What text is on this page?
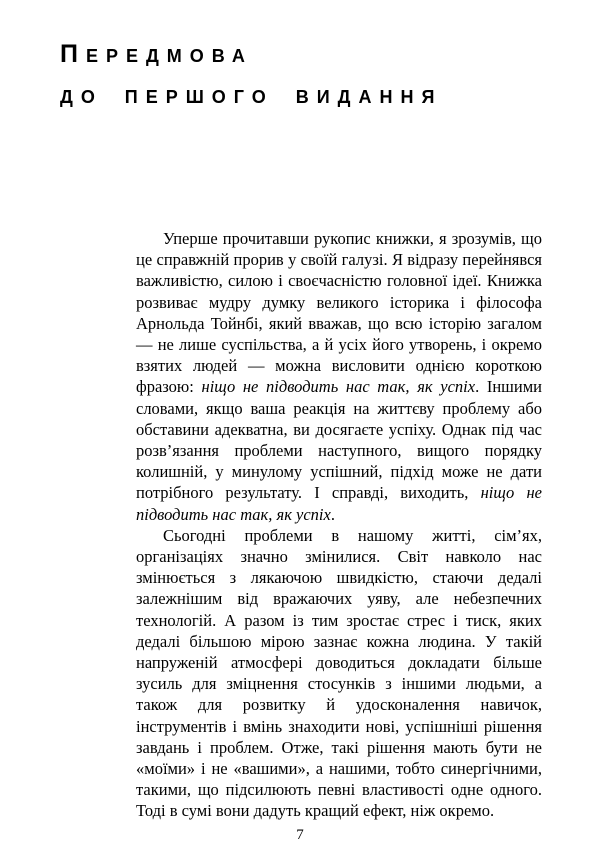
Передмова
до першого видання

Уперше прочитавши рукопис книжки, я зрозумів, що це справжній прорив у своїй галузі. Я відразу перейнявся важливістю, силою і своєчасністю головної ідеї. Книжка розвиває мудру думку великого історика і філософа Арнольда Тойнбі, який вважав, що всю історію загалом — не лише суспільства, а й усіх його утворень, і окремо взятих людей — можна висловити однією короткою фразою: ніщо не підводить нас так, як успіх. Іншими словами, якщо ваша реакція на життєву проблему або обставини адекватна, ви досягаєте успіху. Однак під час розв’язання проблеми наступного, вищого порядку колишній, у минулому успішний, підхід може не дати потрібного результату. І справді, виходить, ніщо не підводить нас так, як успіх.

Сьогодні проблеми в нашому житті, сім’ях, організаціях значно змінилися. Світ навколо нас змінюється з лякаючою швидкістю, стаючи дедалі залежнішим від вражаючих уяву, але небезпечних технологій. А разом із тим зростає стрес і тиск, яких дедалі більшою мірою зазнає кожна людина. У такій напруженій атмосфері доводиться докладати більше зусиль для зміцнення стосунків з іншими людьми, а також для розвитку й удосконалення навичок, інструментів і вмінь знаходити нові, успішніші рішення завдань і проблем. Отже, такі рішення мають бути не «моїми» і не «вашими», а нашими, тобто синергічними, такими, що підсилюють певні властивості одне одного. Тоді в сумі вони дадуть кращий ефект, ніж окремо.

7
